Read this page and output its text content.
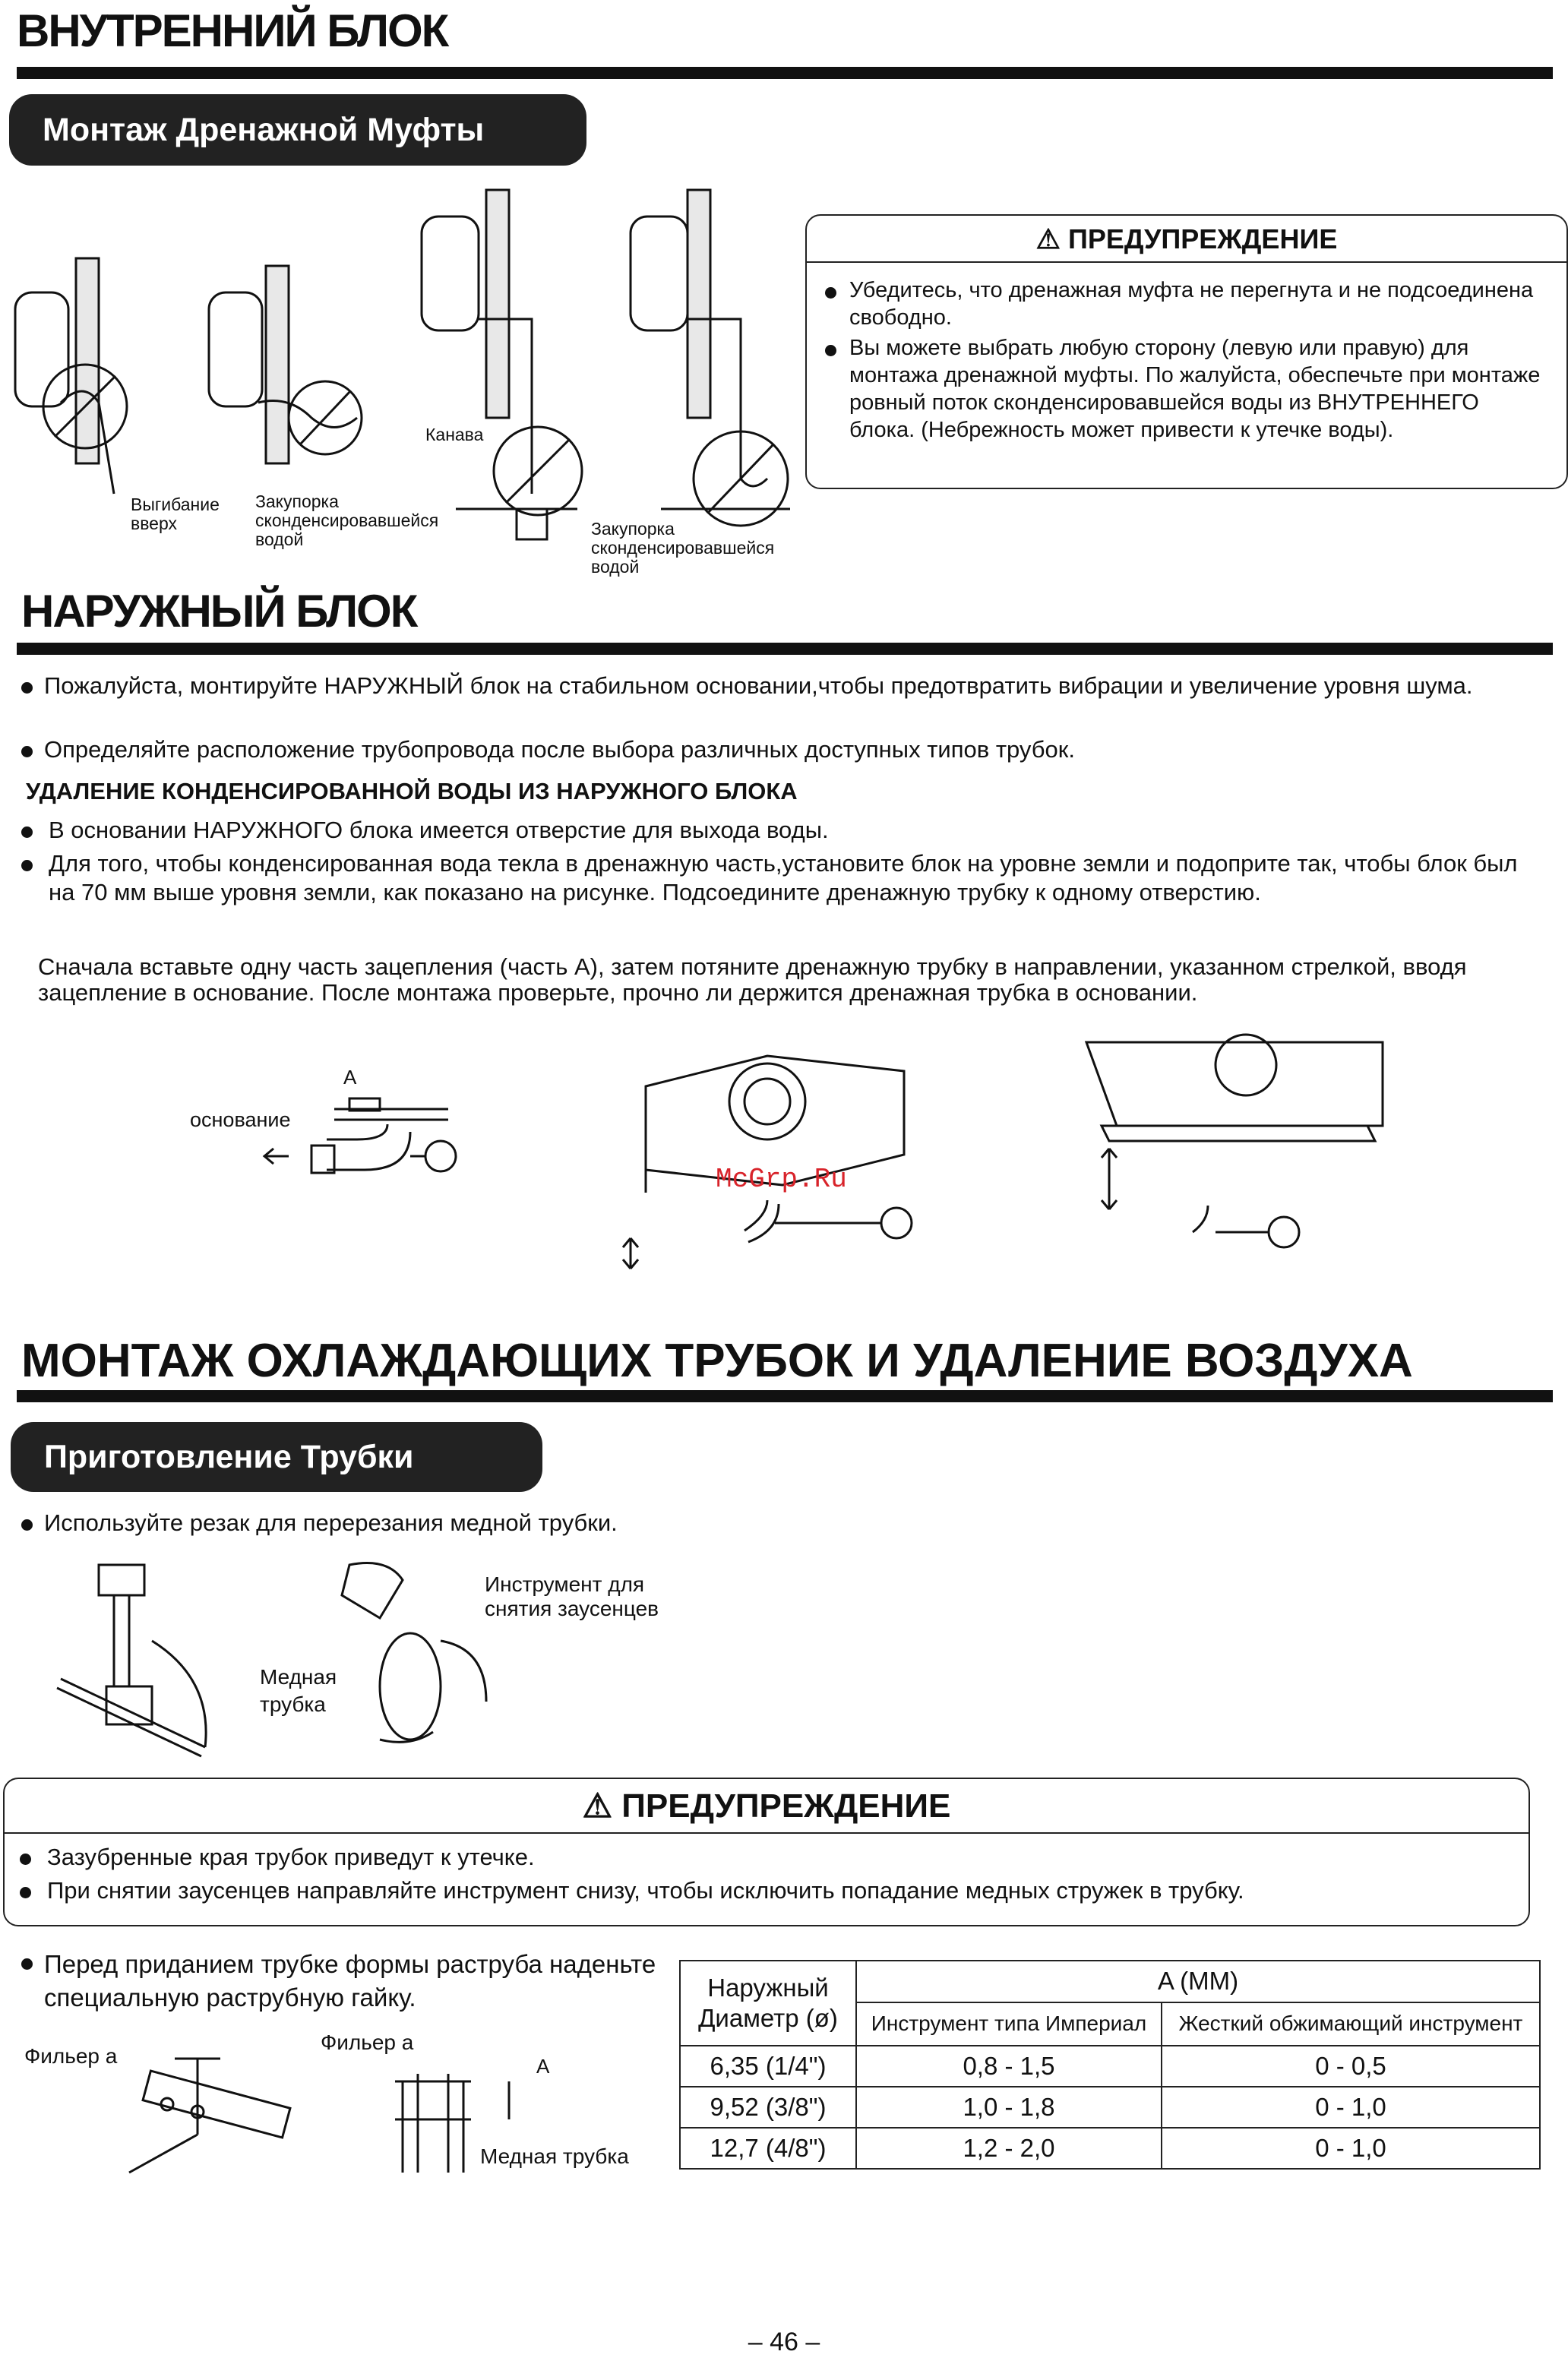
ВНУТРЕННИЙ БЛОК
Монтаж Дренажной Муфты
Выгибание
вверх
Закупорка
сконденсировавшейся
водой
Канава
Закупорка
сконденсировавшейся
водой
⚠ ПРЕДУПРЕЖДЕНИЕ
Убедитесь, что дренажная муфта не перегнута и не подсоединена свободно.
Вы можете выбрать любую сторону (левую или правую) для монтажа дренажной муфты. По жалуйста, обеспечьте при монтаже ровный поток сконденсировавшейся воды из ВНУТРЕННЕГО блока. (Небрежность может привести к утечке воды).
НАРУЖНЫЙ БЛОК
Пожалуйста, монтируйте НАРУЖНЫЙ блок на стабильном основании,чтобы предотвратить вибрации и увеличение уровня шума.
Определяйте расположение трубопровода после выбора различных доступных типов трубок.
УДАЛЕНИЕ КОНДЕНСИРОВАННОЙ ВОДЫ ИЗ НАРУЖНОГО БЛОКА
В основании НАРУЖНОГО блока имеется отверстие для выхода воды.
Для того, чтобы конденсированная вода текла в дренажную часть,установите блок на уровне земли и подоприте так, чтобы блок был на 70 мм выше уровня земли, как показано на рисунке. Подсоедините дренажную трубку к одному отверстию.
Сначала вставьте одну часть зацепления (часть А), затем потяните дренажную трубку в направлении, указанном стрелкой, вводя зацепление в основание. После монтажа проверьте, прочно ли держится дренажная трубка в основании.
A
основание
McGrp.Ru
МОНТАЖ ОХЛАЖДАЮЩИХ ТРУБОК И УДАЛЕНИЕ ВОЗДУХА
Приготовление Трубки
Используйте резак для перерезания медной трубки.
Инструмент для
снятия заусенцев
Медная
трубка
⚠ ПРЕДУПРЕЖДЕНИЕ
Зазубренные края трубок приведут к утечке.
При снятии заусенцев направляйте инструмент снизу, чтобы исключить попадание медных стружек в трубку.
Перед приданием трубке формы раструба наденьте специальную раструбную гайку.
Фильер а
Фильер а
A
Медная трубка
Наружный Диаметр (ø)	A (MM)	
	Инструмент типа Империал	Жесткий обжимающий инструмент
6,35 (1/4")	0,8 - 1,5	0 - 0,5
9,52 (3/8")	1,0 - 1,8	0 - 1,0
12,7 (4/8")	1,2 - 2,0	0 - 1,0
– 46 –
